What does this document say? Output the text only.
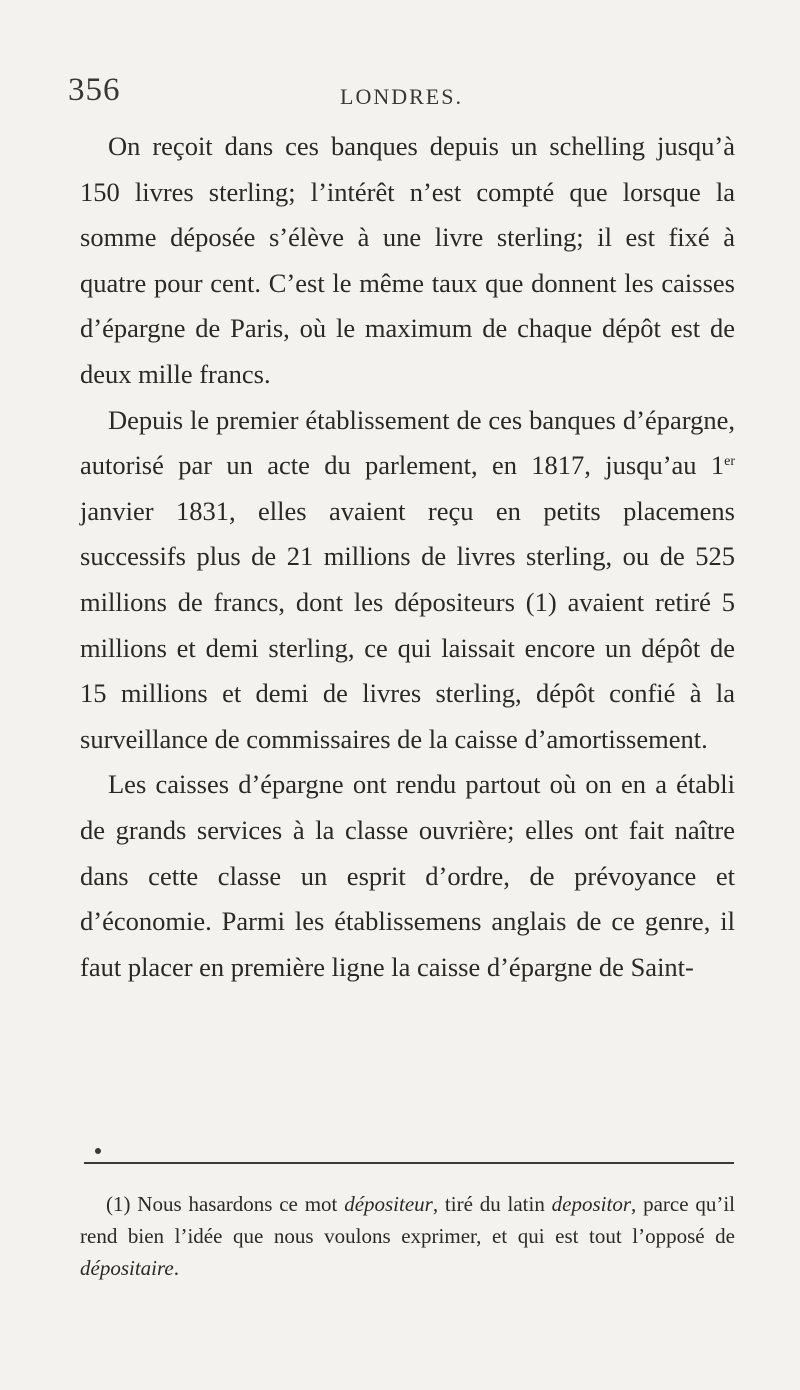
356	LONDRES.

On reçoit dans ces banques depuis un schelling jusqu’à 150 livres sterling; l’intérêt n’est compté que lorsque la somme déposée s’élève à une livre sterling; il est fixé à quatre pour cent. C’est le même taux que donnent les caisses d’épargne de Paris, où le maximum de chaque dépôt est de deux mille francs.

Depuis le premier établissement de ces banques d’épargne, autorisé par un acte du parlement, en 1817, jusqu’au 1er janvier 1831, elles avaient reçu en petits placemens successifs plus de 21 millions de livres sterling, ou de 525 millions de francs, dont les dépositeurs (1) avaient retiré 5 millions et demi sterling, ce qui laissait encore un dépôt de 15 millions et demi de livres sterling, dépôt confié à la surveillance de commissaires de la caisse d’amortissement.

Les caisses d’épargne ont rendu partout où on en a établi de grands services à la classe ouvrière; elles ont fait naître dans cette classe un esprit d’ordre, de prévoyance et d’économie. Parmi les établissemens anglais de ce genre, il faut placer en première ligne la caisse d’épargne de Saint-

(1) Nous hasardons ce mot dépositeur, tiré du latin depositor, parce qu’il rend bien l’idée que nous voulons exprimer, et qui est tout l’opposé de dépositaire.
